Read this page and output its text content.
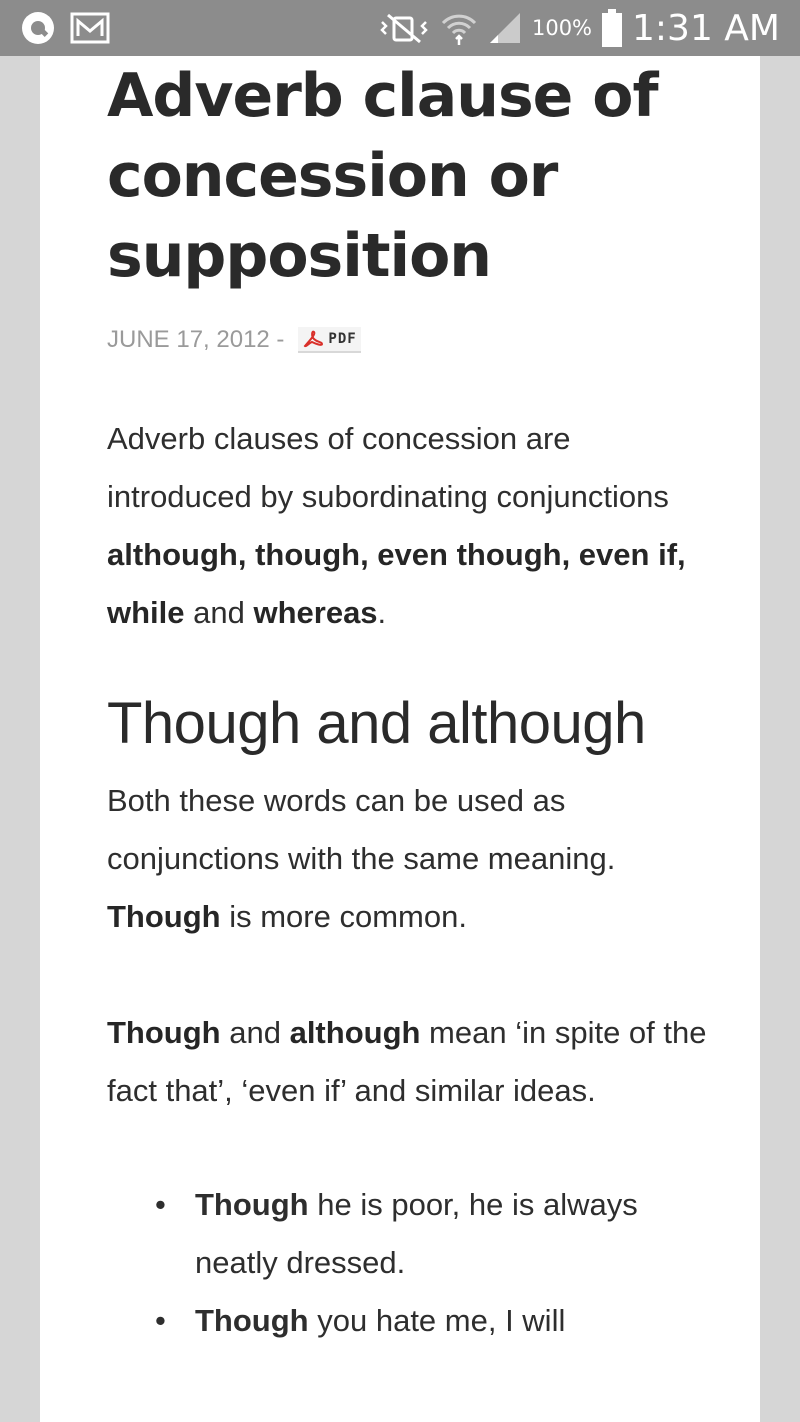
100% 1:31 AM
Adverb clause of concession or supposition
JUNE 17, 2012 -	PDF

Adverb clauses of concession are introduced by subordinating conjunctions although, though, even though, even if, while and whereas.

Though and although

Both these words can be used as conjunctions with the same meaning. Though is more common.

Though and although mean ‘in spite of the fact that’, ‘even if’ and similar ideas.

• Though he is poor, he is always neatly dressed.
• Though you hate me, I will
